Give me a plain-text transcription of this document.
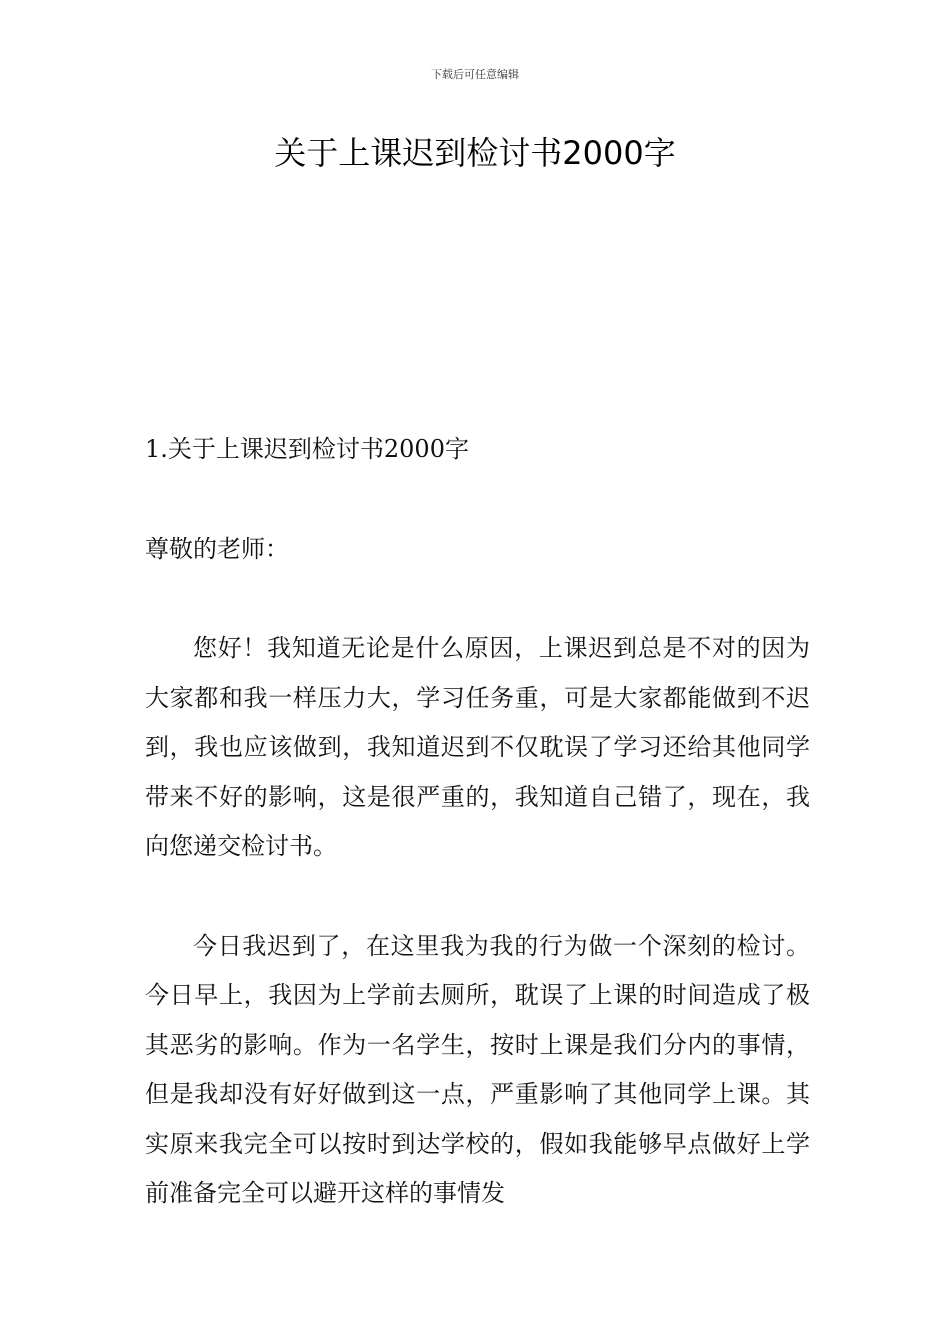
下载后可任意编辑
关于上课迟到检讨书2000字

1.关于上课迟到检讨书2000字

尊敬的老师：

您好！我知道无论是什么原因，上课迟到总是不对的因为大家都和我一样压力大，学习任务重，可是大家都能做到不迟到，我也应该做到，我知道迟到不仅耽误了学习还给其他同学带来不好的影响，这是很严重的，我知道自己错了，现在，我向您递交检讨书。

今日我迟到了，在这里我为我的行为做一个深刻的检讨。今日早上，我因为上学前去厕所，耽误了上课的时间造成了极其恶劣的影响。作为一名学生，按时上课是我们分内的事情，但是我却没有好好做到这一点，严重影响了其他同学上课。其实原来我完全可以按时到达学校的，假如我能够早点做好上学前准备完全可以避开这样的事情发
